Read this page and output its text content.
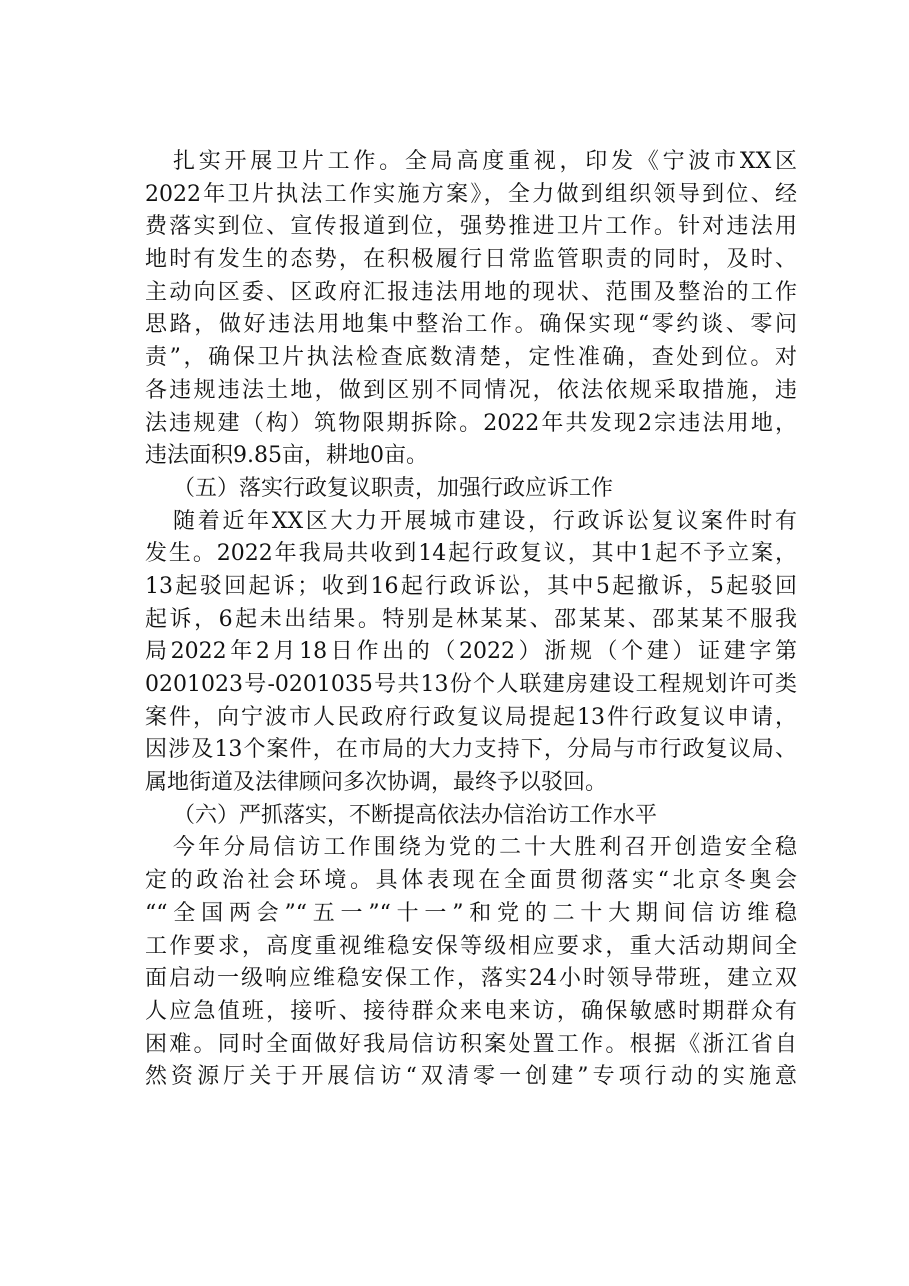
扎实开展卫片工作。全局高度重视，印发《宁波市XX区
2022年卫片执法工作实施方案》，全力做到组织领导到位、经
费落实到位、宣传报道到位，强势推进卫片工作。针对违法用
地时有发生的态势，在积极履行日常监管职责的同时，及时、
主动向区委、区政府汇报违法用地的现状、范围及整治的工作
思路，做好违法用地集中整治工作。确保实现“零约谈、零问
责”，确保卫片执法检查底数清楚，定性准确，查处到位。对
各违规违法土地，做到区别不同情况，依法依规采取措施，违
法违规建（构）筑物限期拆除。2022年共发现2宗违法用地，
违法面积9.85亩，耕地0亩。
（五）落实行政复议职责，加强行政应诉工作
随着近年XX区大力开展城市建设，行政诉讼复议案件时有
发生。2022年我局共收到14起行政复议，其中1起不予立案，
13起驳回起诉；收到16起行政诉讼，其中5起撤诉，5起驳回
起诉，6起未出结果。特别是林某某、邵某某、邵某某不服我
局2022年2月18日作出的（2022）浙规（个建）证建字第
0201023号-0201035号共13份个人联建房建设工程规划许可类
案件，向宁波市人民政府行政复议局提起13件行政复议申请，
因涉及13个案件，在市局的大力支持下，分局与市行政复议局、
属地街道及法律顾问多次协调，最终予以驳回。
（六）严抓落实，不断提高依法办信治访工作水平
今年分局信访工作围绕为党的二十大胜利召开创造安全稳
定的政治社会环境。具体表现在全面贯彻落实“北京冬奥会
““全国两会”“五一”“十一”和党的二十大期间信访维稳
工作要求，高度重视维稳安保等级相应要求，重大活动期间全
面启动一级响应维稳安保工作，落实24小时领导带班，建立双
人应急值班，接听、接待群众来电来访，确保敏感时期群众有
困难。同时全面做好我局信访积案处置工作。根据《浙江省自
然资源厅关于开展信访“双清零一创建”专项行动的实施意
